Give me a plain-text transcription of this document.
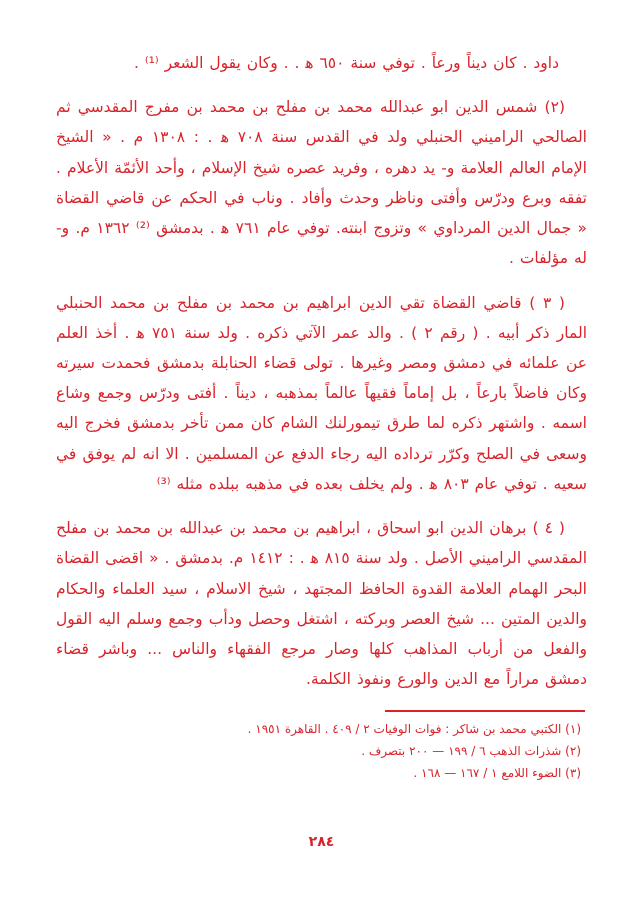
داود . كان ديناً ورعاً . توفي سنة ٦٥٠ ه‍ . . وكان يقول الشعر ⁽¹⁾ .

(٢) شمس الدين ابو عبدالله محمد بن مفلح بن محمد بن مفرج المقدسي ثم الصالحي الراميني الحنبلي ولد في القدس سنة ٧٠٨ ه‍ . : ١٣٠٨ م . « الشيخ الإمام العالم العلامة و- يد دهره ، وفريد عصره شيخ الإسلام ، وأحد الأئمّة الأعلام . تفقه وبرع ودرّس وأفتى وناظر وحدث وأفاد . وناب في الحكم عن قاضي القضاة « جمال الدين المرداوي » وتزوج ابنته. توفي عام ٧٦١ ه‍ . بدمشق ⁽²⁾ ١٣٦٢ م. و- له مؤلفات .

( ٣ ) قاضي القضاة تقي الدين ابراهيم بن محمد بن مفلح بن محمد الحنبلي المار ذكر أبيه . ( رقم ٢ ) . والد عمر الآتي ذكره . ولد سنة ٧٥١ ه‍ . أخذ العلم عن علمائه في دمشق ومصر وغيرها . تولى قضاء الحنابلة بدمشق فحمدت سيرته وكان فاضلاً بارعاً ، بل إماماً فقيهاً عالماً بمذهبه ، ديناً . أفتى ودرّس وجمع وشاع اسمه . واشتهر ذكره لما طرق تيمورلنك الشام كان ممن تأخر بدمشق فخرج اليه وسعى في الصلح وكرّر ترداده اليه رجاء الدفع عن المسلمين . الا انه لم يوفق في سعيه . توفي عام ٨٠٣ ه‍ . ولم يخلف بعده في مذهبه ببلده مثله ⁽³⁾

( ٤ ) برهان الدين ابو اسحاق ، ابراهيم بن محمد بن عبدالله بن محمد بن مفلح المقدسي الراميني الأصل . ولد سنة ٨١٥ ه‍ . : ١٤١٢ م. بدمشق . « اقضى القضاة البحر الهمام العلامة القدوة الحافظ المجتهد ، شيخ الاسلام ، سيد العلماء والحكام والدين المتين ... شيخ العصر وبركته ، اشتغل وحصل ودأب وجمع وسلم اليه القول والفعل من أرباب المذاهب كلها وصار مرجع الفقهاء والناس ... وباشر قضاء دمشق مراراً مع الدين والورع ونفوذ الكلمة.

(١) الكتبي محمد بن شاكر : فوات الوفيات ٢ / ٤٠٩ . القاهرة ١٩٥١ .

(٢) شذرات الذهب ٦ / ١٩٩ — ٢٠٠ بتصرف .

(٣) الضوء اللامع ١ / ١٦٧ — ١٦٨ .

٢٨٤
